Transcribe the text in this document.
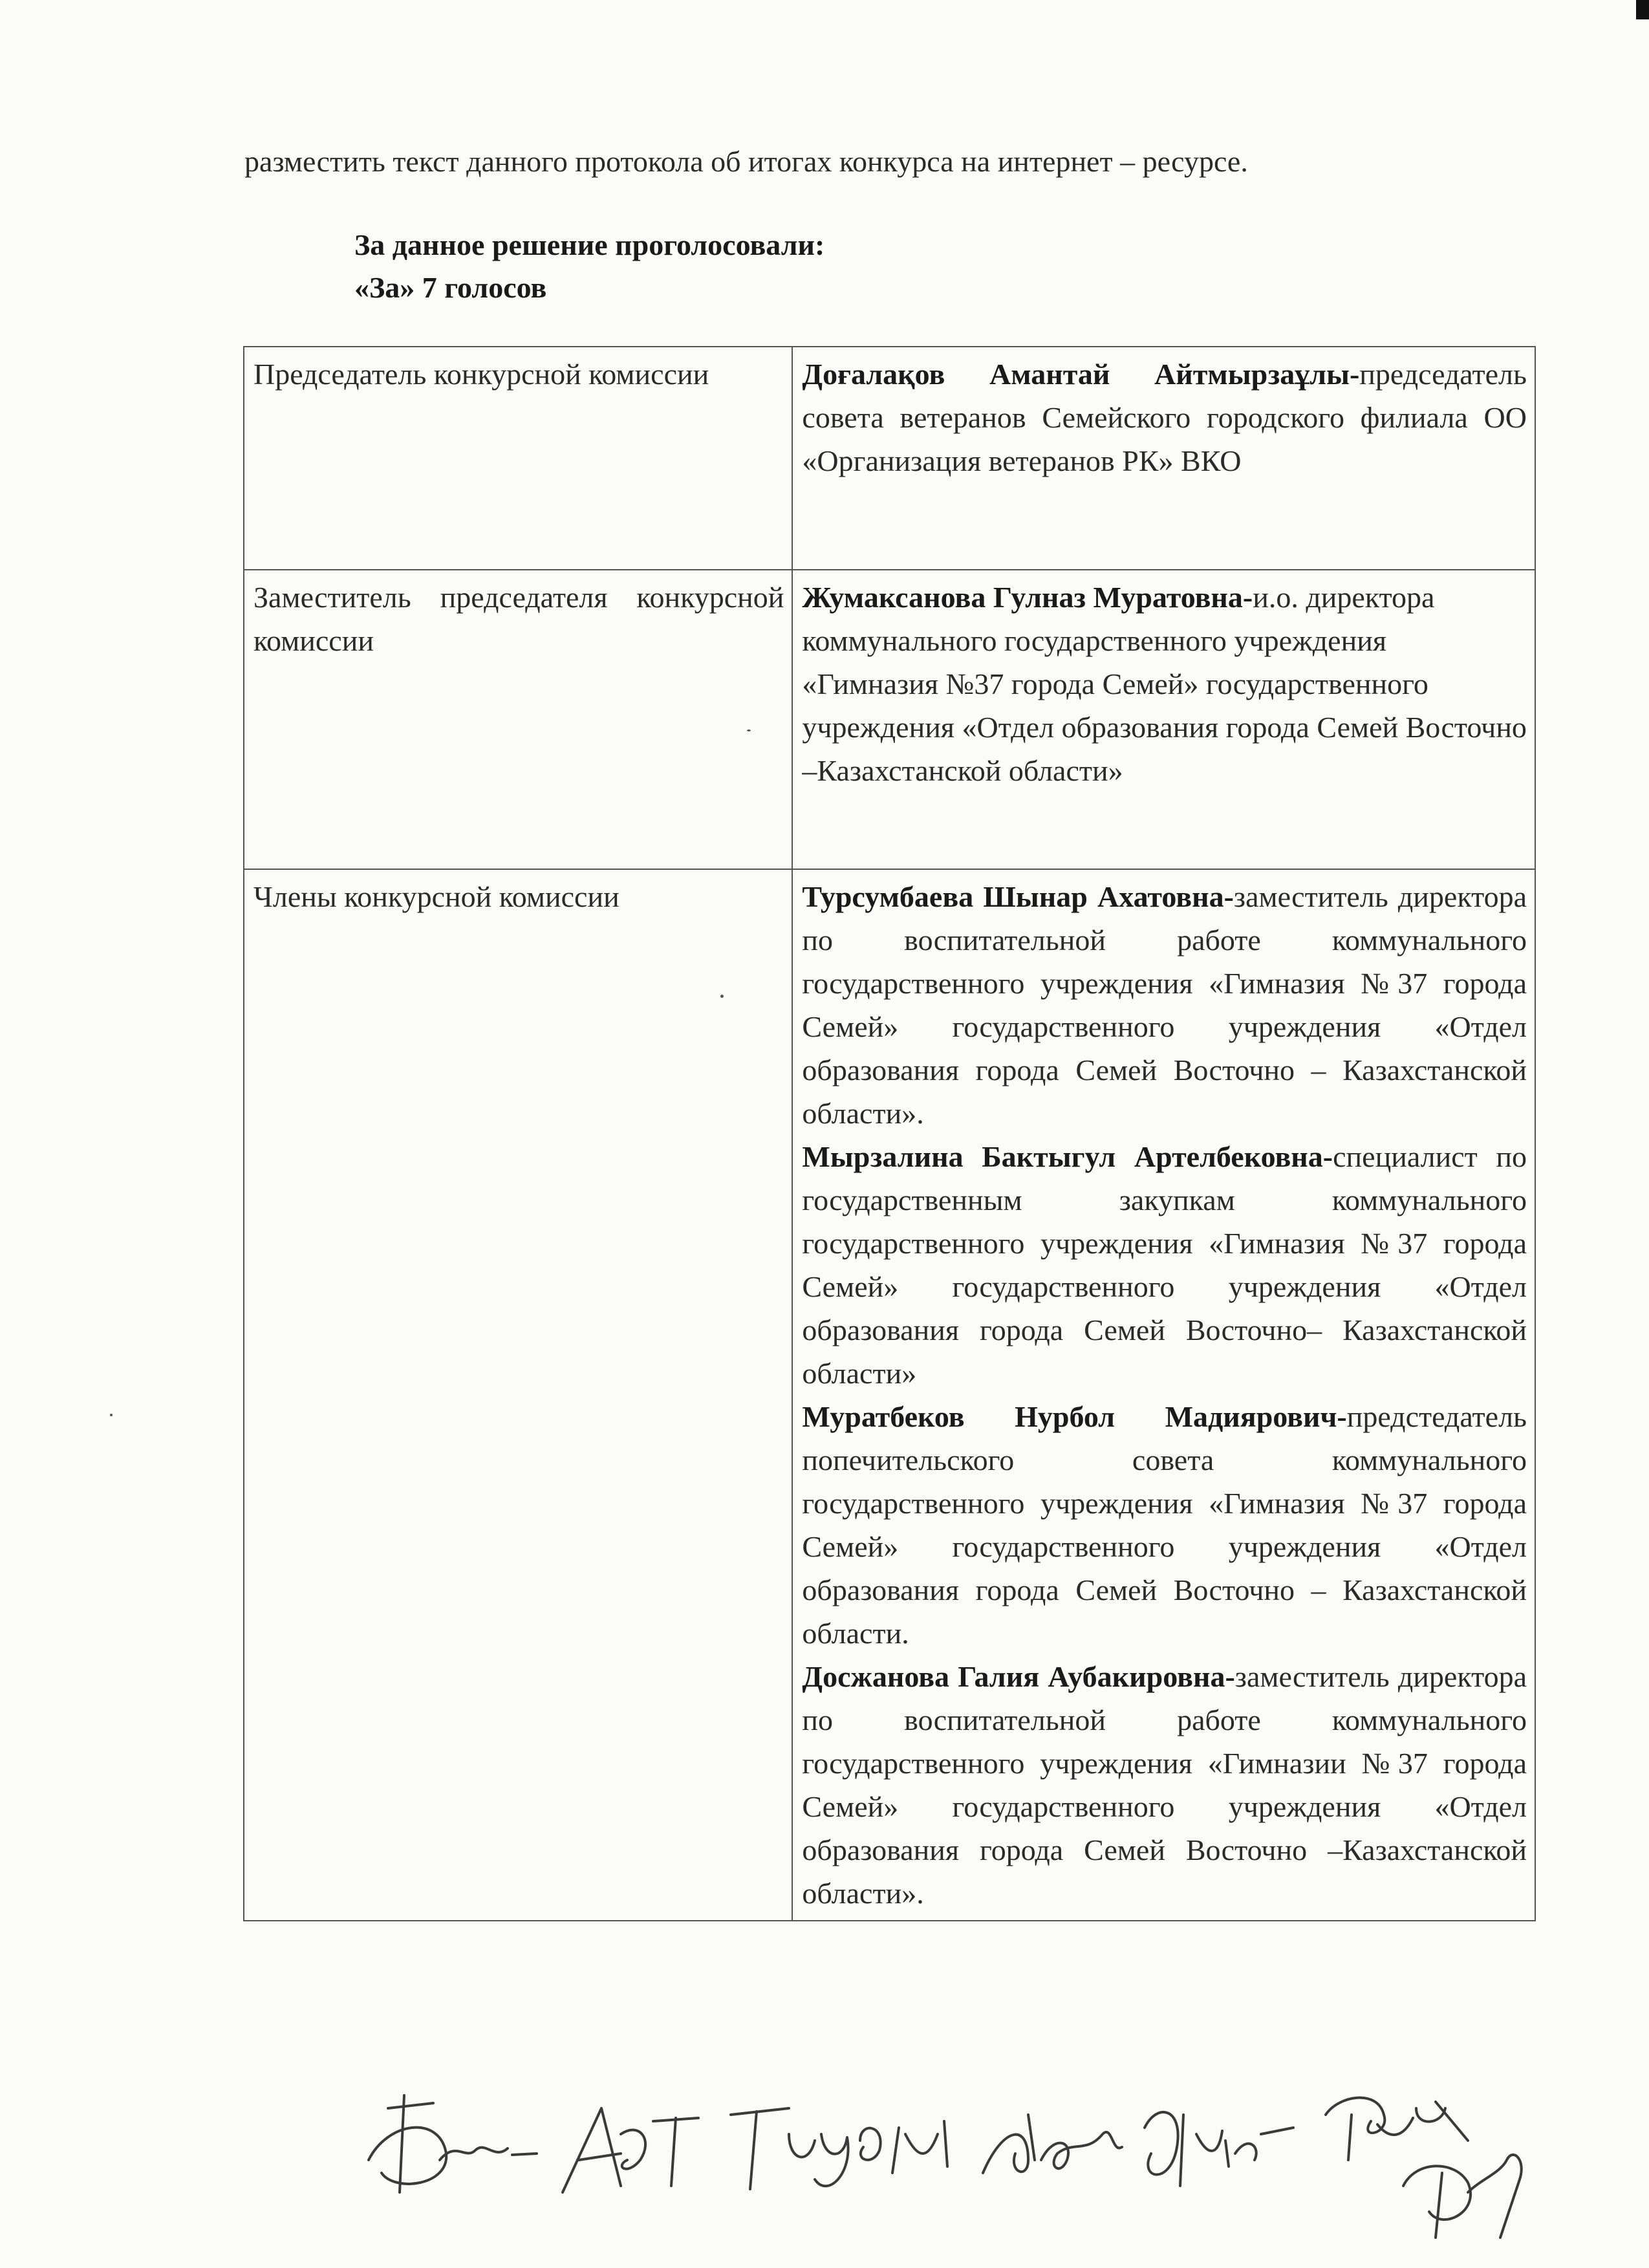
разместить текст данного протокола об итогах конкурса на интернет – ресурсе.

За данное решение проголосовали:

«За» 7 голосов

Председатель конкурсной комиссии	Доғалақов Амантай Айтмырзаұлы-председатель совета ветеранов Семейского городского филиала ОО «Организация ветеранов РК» ВКО

Заместитель председателя конкурсной комиссии	Жумаксанова Гулназ Муратовна-и.о. директора коммунального государственного учреждения «Гимназия №37 города Семей» государственного учреждения «Отдел образования города Семей Восточно –Казахстанской области»

Члены конкурсной комиссии	Турсумбаева Шынар Ахатовна-заместитель директора по воспитательной работе коммунального государственного учреждения «Гимназия №37 города Семей» государственного учреждения «Отдел образования города Семей Восточно – Казахстанской области».
Мырзалина Бактыгул Артелбековна-специалист по государственным закупкам коммунального государственного учреждения «Гимназия №37 города Семей» государственного учреждения «Отдел образования города Семей Восточно– Казахстанской области»
Муратбеков Нурбол Мадиярович-предстедатель попечительского совета коммунального государственного учреждения «Гимназия №37 города Семей» государственного учреждения «Отдел образования города Семей Восточно – Казахстанской области.
Досжанова Галия Аубакировна-заместитель директора по воспитательной работе коммунального государственного учреждения «Гимназии №37 города Семей» государственного учреждения «Отдел образования города Семей Восточно –Казахстанской области».
